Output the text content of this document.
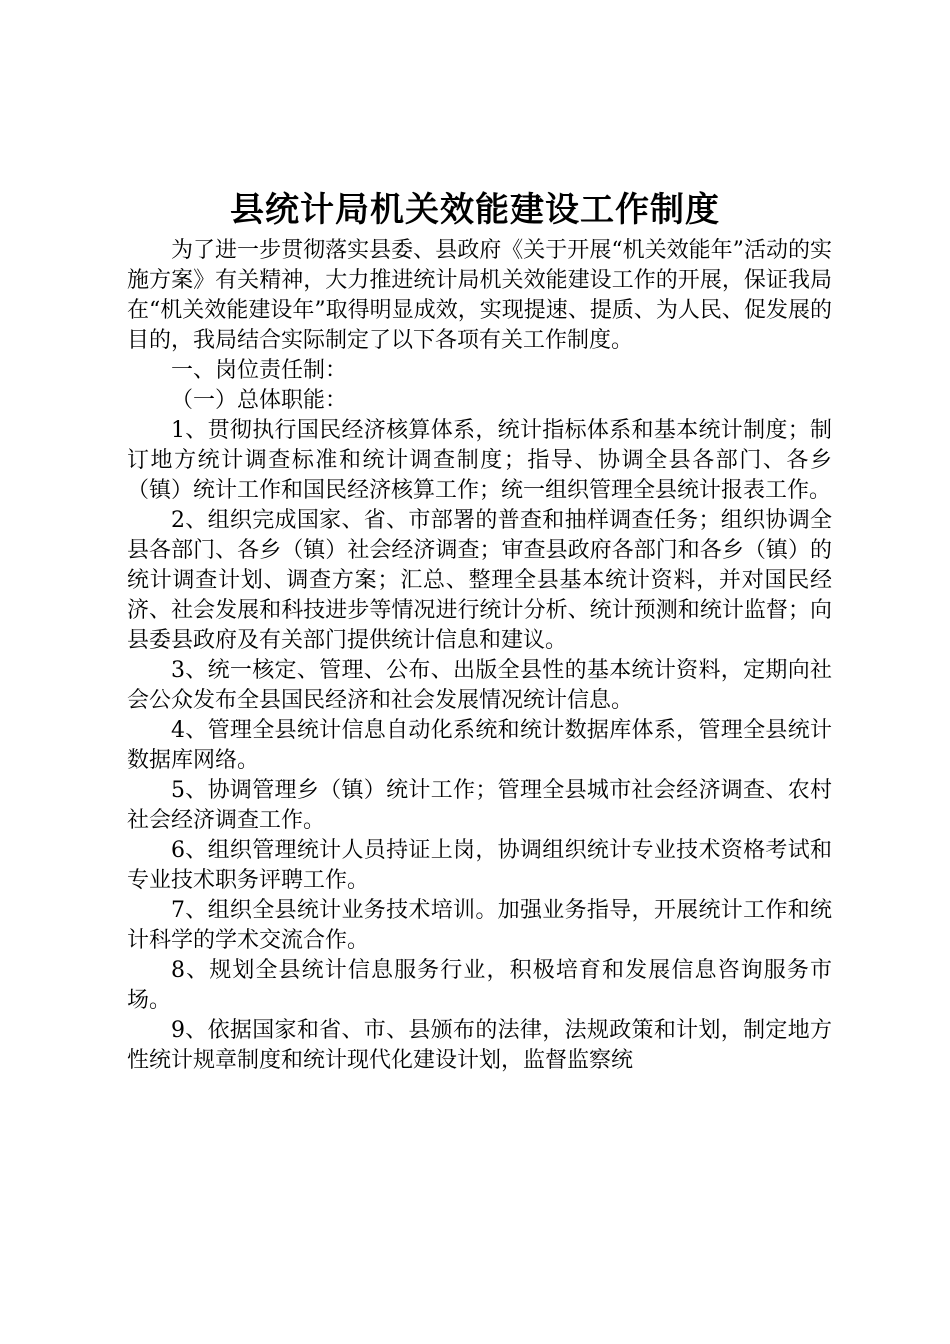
县统计局机关效能建设工作制度

为了进一步贯彻落实县委、县政府《关于开展“机关效能年”活动的实施方案》有关精神，大力推进统计局机关效能建设工作的开展，保证我局在“机关效能建设年”取得明显成效，实现提速、提质、为人民、促发展的目的，我局结合实际制定了以下各项有关工作制度。

一、岗位责任制：

（一）总体职能：

1、贯彻执行国民经济核算体系，统计指标体系和基本统计制度；制订地方统计调查标准和统计调查制度；指导、协调全县各部门、各乡（镇）统计工作和国民经济核算工作；统一组织管理全县统计报表工作。

2、组织完成国家、省、市部署的普查和抽样调查任务；组织协调全县各部门、各乡（镇）社会经济调查；审查县政府各部门和各乡（镇）的统计调查计划、调查方案；汇总、整理全县基本统计资料，并对国民经济、社会发展和科技进步等情况进行统计分析、统计预测和统计监督；向县委县政府及有关部门提供统计信息和建议。

3、统一核定、管理、公布、出版全县性的基本统计资料，定期向社会公众发布全县国民经济和社会发展情况统计信息。

4、管理全县统计信息自动化系统和统计数据库体系，管理全县统计数据库网络。

5、协调管理乡（镇）统计工作；管理全县城市社会经济调查、农村社会经济调查工作。

6、组织管理统计人员持证上岗，协调组织统计专业技术资格考试和专业技术职务评聘工作。

7、组织全县统计业务技术培训。加强业务指导，开展统计工作和统计科学的学术交流合作。

8、规划全县统计信息服务行业，积极培育和发展信息咨询服务市场。

9、依据国家和省、市、县颁布的法律，法规政策和计划，制定地方性统计规章制度和统计现代化建设计划，监督监察统
